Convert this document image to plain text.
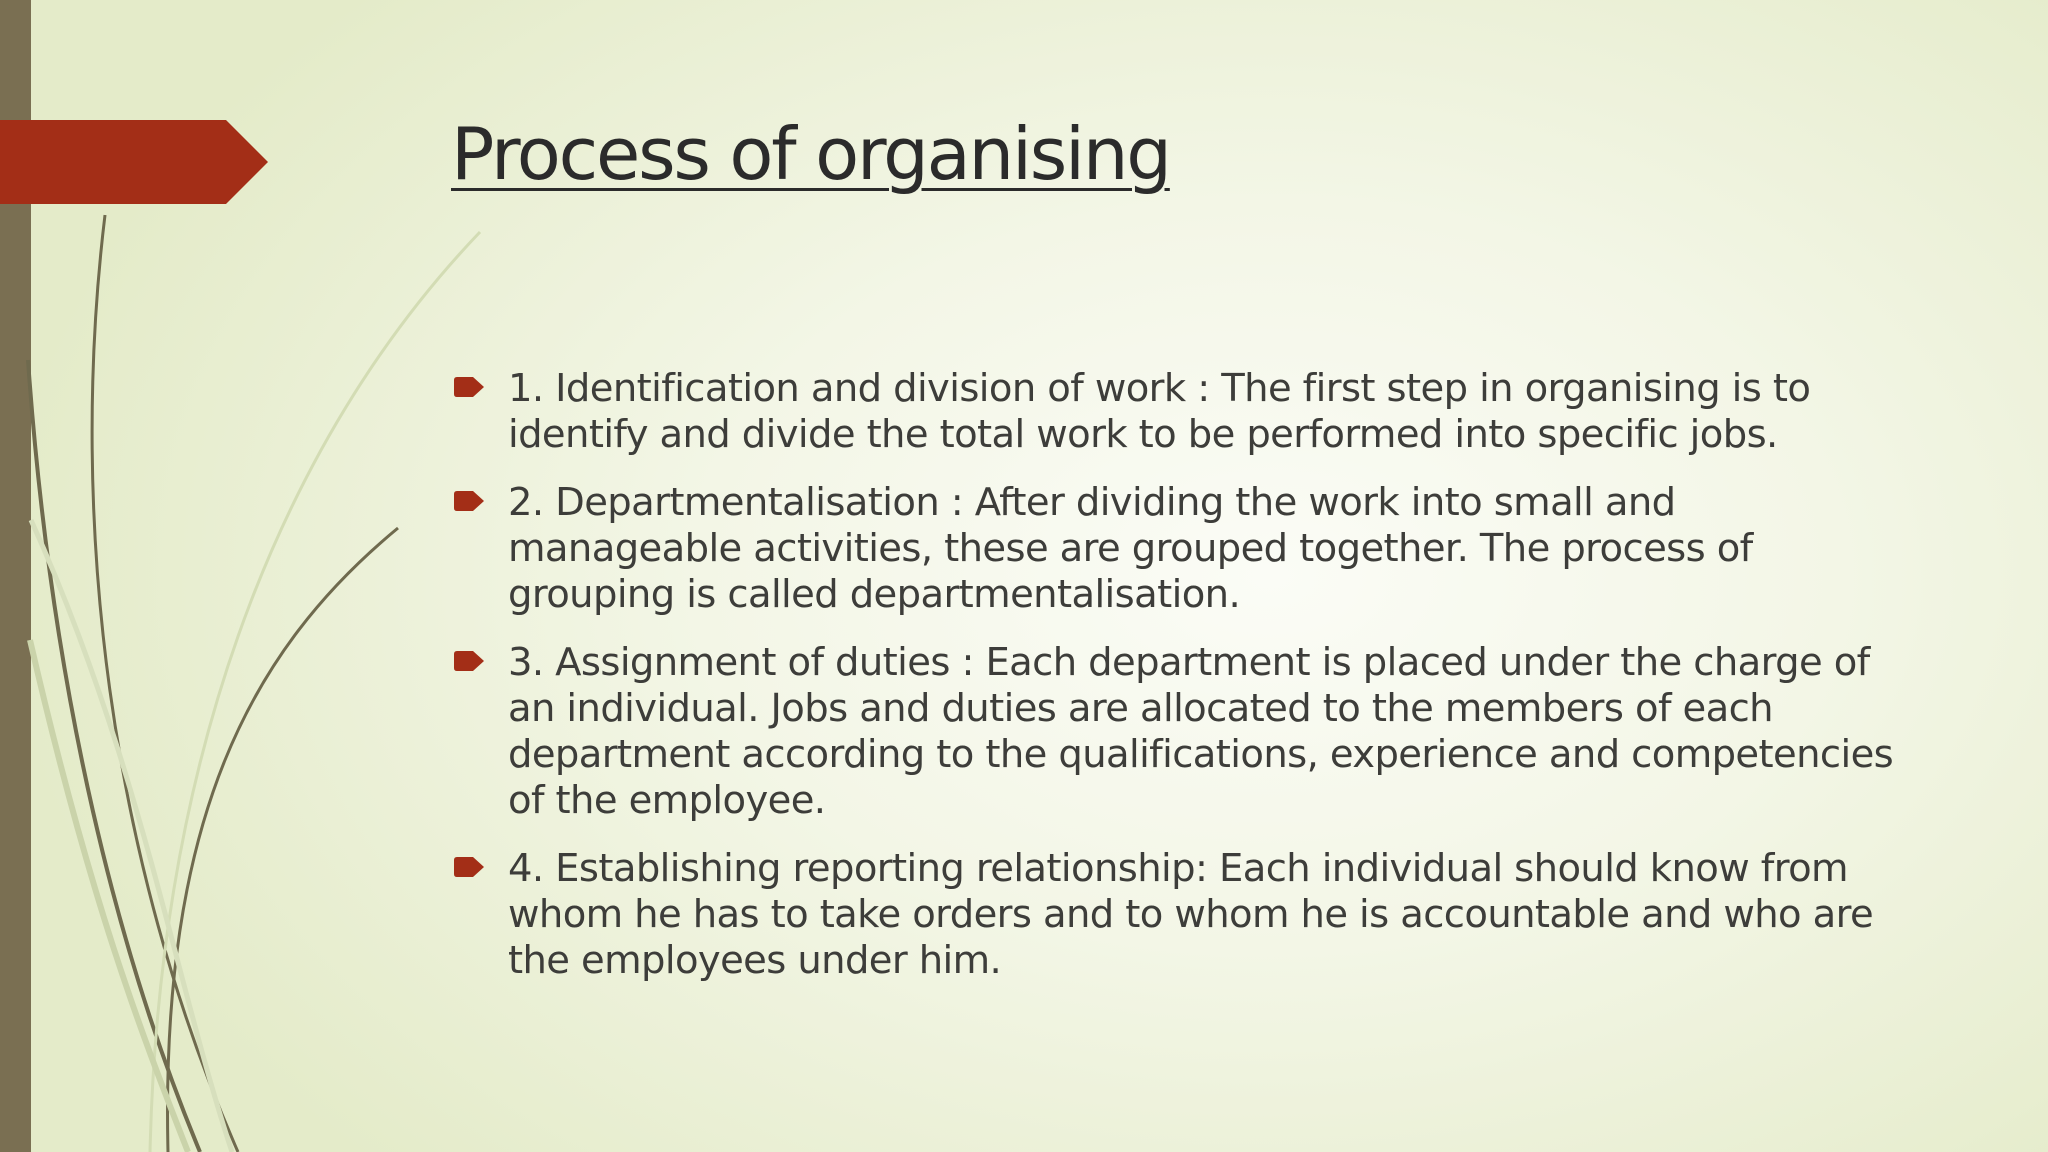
Process of organising
1. Identification and division of work : The first step in organising is to identify and divide the total work to be performed into specific jobs.
2. Departmentalisation : After dividing the work into small and manageable activities, these are grouped together. The process of grouping is called departmentalisation.
3. Assignment of duties : Each department is placed under the charge of an individual. Jobs and duties are allocated to the members of each department according to the qualifications, experience and competencies of the employee.
4. Establishing reporting relationship: Each individual should know from whom he has to take orders and to whom he is accountable and who are the employees under him.
